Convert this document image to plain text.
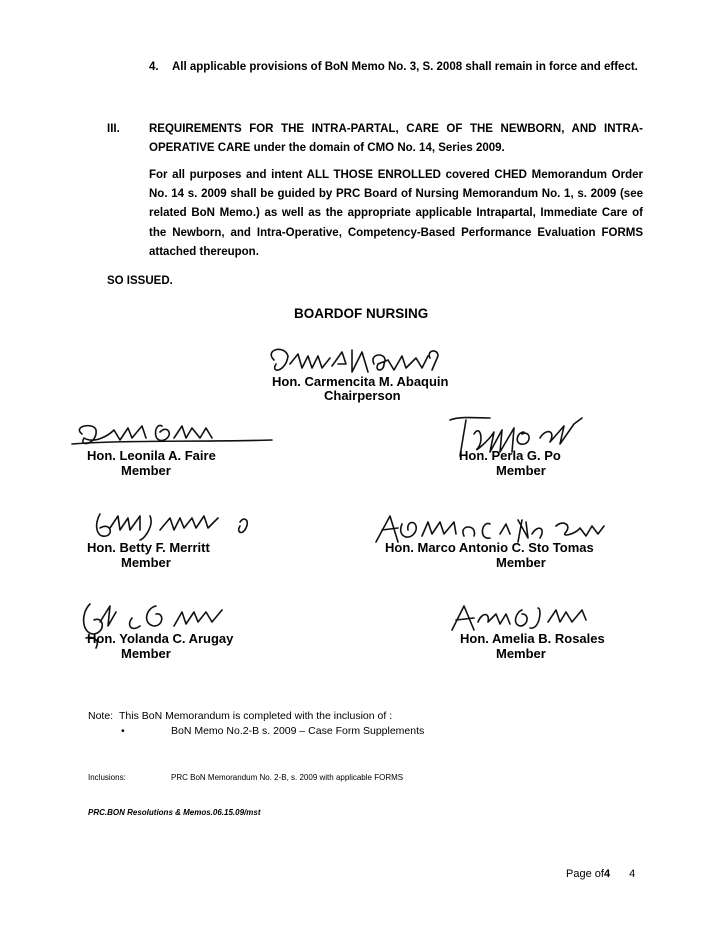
4. All applicable provisions of BoN Memo No. 3, S. 2008 shall remain in force and effect.
III.	REQUIREMENTS FOR THE INTRA-PARTAL, CARE OF THE NEWBORN, AND INTRA-OPERATIVE CARE under the domain of CMO No. 14, Series 2009.
For all purposes and intent ALL THOSE ENROLLED covered CHED Memorandum Order No. 14 s. 2009 shall be guided by PRC Board of Nursing Memorandum No. 1, s. 2009 (see related BoN Memo.) as well as the appropriate applicable Intrapartal, Immediate Care of the Newborn, and Intra-Operative, Competency-Based Performance Evaluation FORMS attached thereupon.
SO ISSUED.
BOARDOF NURSING
Hon. Carmencita M. Abaquin
Chairperson
Hon. Leonila A. Faire
Member
Hon. Perla G. Po
Member
Hon. Betty F. Merritt
Member
Hon. Marco Antonio C. Sto Tomas
Member
Hon. Yolanda C. Arugay
Member
Hon. Amelia B. Rosales
Member
Note: This BoN Memorandum is completed with the inclusion of :
•	BoN Memo No.2-B s. 2009 – Case Form Supplements
Inclusions:	PRC BoN Memorandum No. 2-B, s. 2009 with applicable FORMS
PRC.BON Resolutions & Memos.06.15.09/mst
Page of4 4
